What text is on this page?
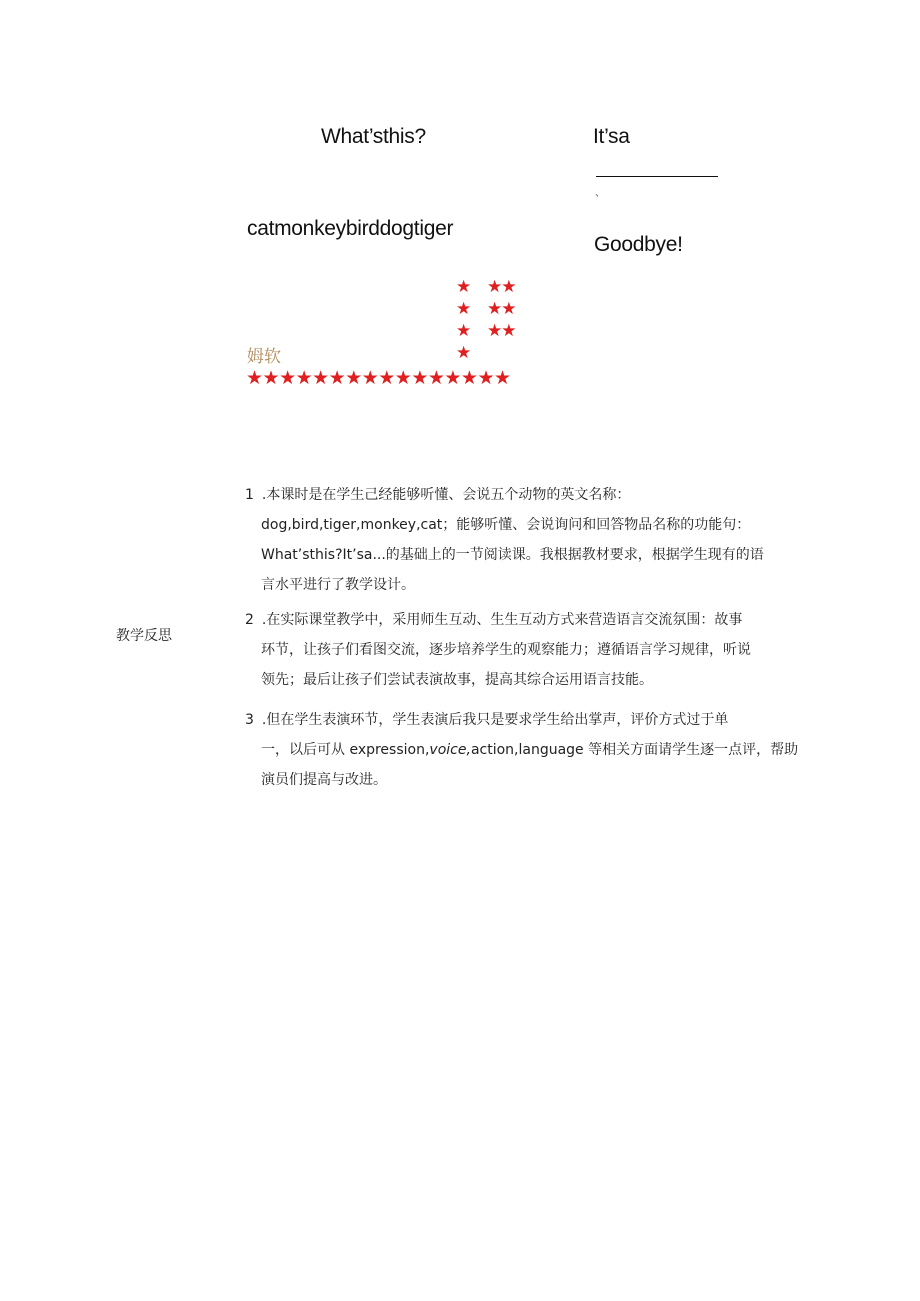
What’sthis?	It’sa
、
catmonkeybirddogtiger
Goodbye!
★
★
★
★★
★★
★★
★
姆软
★★★★★★★★★★★★★★★★
教学反思
1 .本课时是在学生己经能够听懂、会说五个动物的英文名称：
dog,bird,tiger,monkey,cat；能够听懂、会说询问和回答物品名称的功能句：
What’sthis?It’sa...的基础上的一节阅读课。我根据教材要求，根据学生现有的语
言水平进行了教学设计。
2 .在实际课堂教学中，采用师生互动、生生互动方式来营造语言交流氛围：故事
环节，让孩子们看图交流，逐步培养学生的观察能力；遵循语言学习规律，听说
领先；最后让孩子们尝试表演故事，提高其综合运用语言技能。
3 .但在学生表演环节，学生表演后我只是要求学生给出掌声，评价方式过于单
一，以后可从 expression,voice,action,language 等相关方面请学生逐一点评，帮助
演员们提高与改进。
